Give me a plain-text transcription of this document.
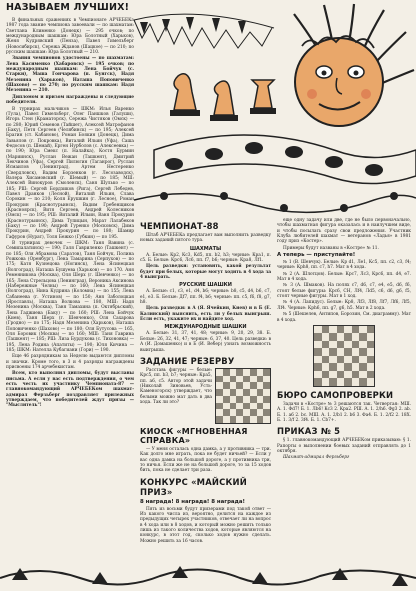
НАЗЫВАЕМ ЛУЧШИХ!

В финальных сражениях в Чемпионате АРЧЕБЕКа 1987 года звание чемпиона завоевали — по шахматам: Светлана Клименко (Донецк) — 295 очков; по международным шашкам: Юра Болотный (Харьков), Женя Кудрявский (Пенза), Павел Гимельберг (Новосибирск), Сережа Жданов (Шацкое) — по 210; по русским шашкам: Юра Болотный — 210.

Звания чемпионов удостоены — по шахматам: Лена Касименко (Хабаровск) — 195 очков; по международным шашкам: Лена Бойчук (с. Старки), Маша Гончарова (п. Бунгск), Надя Мезенина (Харьков), Наташа Поповиченко (Шахово) — по 270; по русским шашкам: Надя Мезенина — 210.

Дипломом и призом награждены и следующие победители.

В турнирах мальчиков — ШКМ: Илья Варенко (Тула), Павел Гимельберг, Олег Паншков (Галуши), Игорь Стен (Краматорск), Сережа Чистяков (Омск) — по 280; Юрий Семенов (Тайшет), Алексей Матрофанов (Баку), Петя Сергеев (Челябинск) — по 195; Алексей Брагин (ст. Кабаново), Роман Боякин (Донецк), Дима Завьялов (г. Покровка), Виталий Ильин (Уфа), Саша Федосов (п. Шемай), Ерген Нурболов (с. Алексеевка) — по 190; Юра Смекс (п. Налайка), Костя Бурмин (Мариинск), Руслан Вежан (Ташкент), Дмитрий Лекчинов (Уфа), Сергей Пилюгин (Таганрог), Руслан Исмаилов (Ленинград), Артем Нестеренко (Свердловск), Вадим Борзенков (г. Лесозаводск), Валера Хисамовский (г. Шемый) — по 185; МШ: Алексей Винокуров (Смоленск), Саня Шулько — по 185; РШ: Сергей Бордзиков (Рига), Сергей Лебедев, Павел Дранков (Лесной), Виталий Ильин, Слава Сорокин — по 210; Коля Ерушкин (г. Лесное), Роман Прокурин (Краснотурьинск), Вадим Гребенщиков (Красноярск), Витя Сергеев, Андрей Колесников (Омск) — по 195; РШ: Виталий Ильин, Ваня Прокурин (Краснотурьинск), Дима Тупицын, Марат Лалабеков (Баку) — по 190; Андрей Гуренко (Московск), Дима Прокурин, Андрей Прокурин — по 180; Шамир Гафуров (Нурат), Толя Бежко (Губкин) — по 195.

В турнирах девочек — ШКМ: Таня Вавина (с. Семипалатинск) — 190; Галя Гавриленко (Ташкент) — по 185; Оля Абрамова (Саратов), Таня Бойчук, Полина Рожкова (Оренбург), Лена Тамарина (Серпухов) — по 175; Катя Кузнецова (Ногинск), Лена Ясинецкая (Волгоград), Наташа Бушуева (Харьков) — по 170. Аня Ременникова (Москва), Оля Шерх (г. Шевченко) — по 165; Лена Стрельцова (Ленинград), Вероника Аксинова (Набережные Челны) — по 160; Лена Ясинецкая (Волгоград), Нина Кудрина (Коломна) — по 155; Лена Сабанеева (г. Устинов) — по 150; Аня Заболоцкая (Ярославль), Наташа Волкова — 180, МШ: Надя Мезенина (Москва), Таня Тамахина (п. Октябрьский), Лена Гаджиева (Баку) — по 160; РШ: Лена Бойчук (Киев), Таня Шерх (г. Шевченко), Оля Сахарова (Гродно) — по 175; Надя Мезенина (Харьков), Наташа Поповиченко (Шахово) — по 180; Оля Бутусова — 165, Оля Боровик (Москва) — по 160; МШ: Таня Гаврина (Ташкент) — 185; РШ: Лиза Бурдукова (с. Тихоновка) — 195, Лена Родина (Апатиты) — 190; Юля Кичина — 185; ШКМ: Нателла Кубагиани (Гори) — 190.

Еще 46 разрядникам за Неделю выдаются дипломы и значки. Кроме того, в 3 и 4 разряды награждены присвоены 174 арчебекистам.

Всем, кто выполнил дипломы, будут высланы письма. А если у вас есть подтверждения, о чем есть честь их участнику Чемпионата-87 — главнокомандующий АРЧЕБЕКом шахмат-адмирал Ферзьберг поздравляет прилежных утверждаем, что победителей ждут призы — "Мыслитель"!

ЧЕМПИОНАТ-88

Штаб АРЧЕБЕКа предлагает вам выполнить разведку новых заданий пятого тура.

ШАХМАТЫ

А. Белые: Кр2, Кс3, Кd5, пп. b2, h3; черные: Кра1, п. с5. Б. Белые: Крс6, Лс6, пп. f7, b6; черные: Кра8, Лf1.

Цель разведки: установить, какой результат будет при белых, которые могут ходить в 4 хода за 4 выиграть.

РУССКИЕ ШАШКИ

А. Белые: с1, с3, е1, d4, b6; черные: b8, с5, d4, b6, c7, e1, e3. Б. Белые: Дf7, пп. f4, b6; черные: пп. c5, f6, f8, g7, h8.

Цель разведки: в А (Я. Ячейкин, Киев) и в Б (Е. Калинский) выяснить, есть ли у белых выигрыш. Если есть, укажите их и найдите ход.

МЕЖДУНАРОДНЫЕ ШАШКИ

А. Белые: 31, 37, 41, 48; черные: 9, 20, 29, 38. Б. Белые: 26, 32, 41, 47; черные: 6, 37, 40. Цель разведки: в А (И. Домашенко) и в Б (И. Вебер) узнать возможность выигрыша.

ЗАДАНИЕ РЕЗЕРВУ

Расставь фигуры — белые: Крс5, пп. b3, b7; черные: Кра5, пп. а6, с5. Автор этой задачи (Николай Зиновьев, Усть-Каменогорск) утверждает, что белыми можно мат дать в два хода. Так ли это?

КИОСК «МГНОВЕННАЯ СПРАВКА»

— У меня осталась одна дамка, а у противника — три. Как долго мне играть, пока не будет ничьей? — Если у вас одна дамка на большой дороге, а у противника три, то ничья. Если же не на большой дороге, то за 15 ходов бить, пока не сделает три раза.

КОНКУРС «МАЙСКИЙ ПРИЗ»
8 награда! 8 награда! 8 награда!

Пять из восьми будут призерами под такой ответ — Из какого числа из, вероятно, делится на каждое из предыдущих четырех участников, отвечает ли на вопрос в 4 хода или в 8 ходов, и который можно решить только лишь из такого количества ходов, которые являются на конкурс, в этот год, сколько ходов нужно сделать. Можно решить за 16 часов.

еще одну задачу или две, где не было первоначально, чтобы шахматная фигура оказалась и в наилучшем виде, и чтобы посылать сразу свои предложения. Участник Клуба любителей шахмат — ветеранов «Ладья» в 1981 году приз «Костер».

Примеры будут названы в «Костре» № 11.

А теперь — приступайте!

№ 1 (В. Шевчук). Белые: Кр d1, Ле1, Кс5, пп. c2, c3, f4; черные: Крh8, пп. c7, h7. Мат в 4 хода.

№ 2 (А. Шлотцов). Белые: Крс7, Лс3, Крс6, пп. d4, e7. Мат в 4 хода.

№ 3 (А. Шмаков). На полях с7, d6, c7, e4, e5, d6, f6, стоят белые фигуры: Kрс6, СН, Лf4, Лd5, с6, d6, g6, f5, стоят черные фигуры. Мат в 1 ход.

№ 4 (А. Лапидус). Белые: Кр8, Лf3, Лf8, Лf7, Лf6, Лf5, Лf4. Черные: Крh6, пп. g7, g6, h5. Мат в 2 хода.

№ 5 (Шешелев, Антипов, Борозин, См. диаграмму). Мат в 4 хода.

БЮРО САМОПРОВЕРКИ

Задачи в «Костре» № 3 решаются так. Четвертая: МШ. А. 1. Фd7! Б. 1. Лb6! Кс3 2. Кра2. РШ. А. 1. 2/h6. Фg3 2. ab. Б. 1. a6 2. bc. МШ. А. 1. 2/b1 2. b6 3. Фа4. Б. 1. 2/f2 2. 18X. Б. 1. 3/f 2. 3f4. Б. 1. Сb7+.

ПРИКАЗ № 5

§ 1. главнокомандующий АРЧЕБЕКом приказываю: § 1. Рапорты о выполнении боевых заданий отправлять до 1 октября.

Шахмат-адмирал Ферзьберг
